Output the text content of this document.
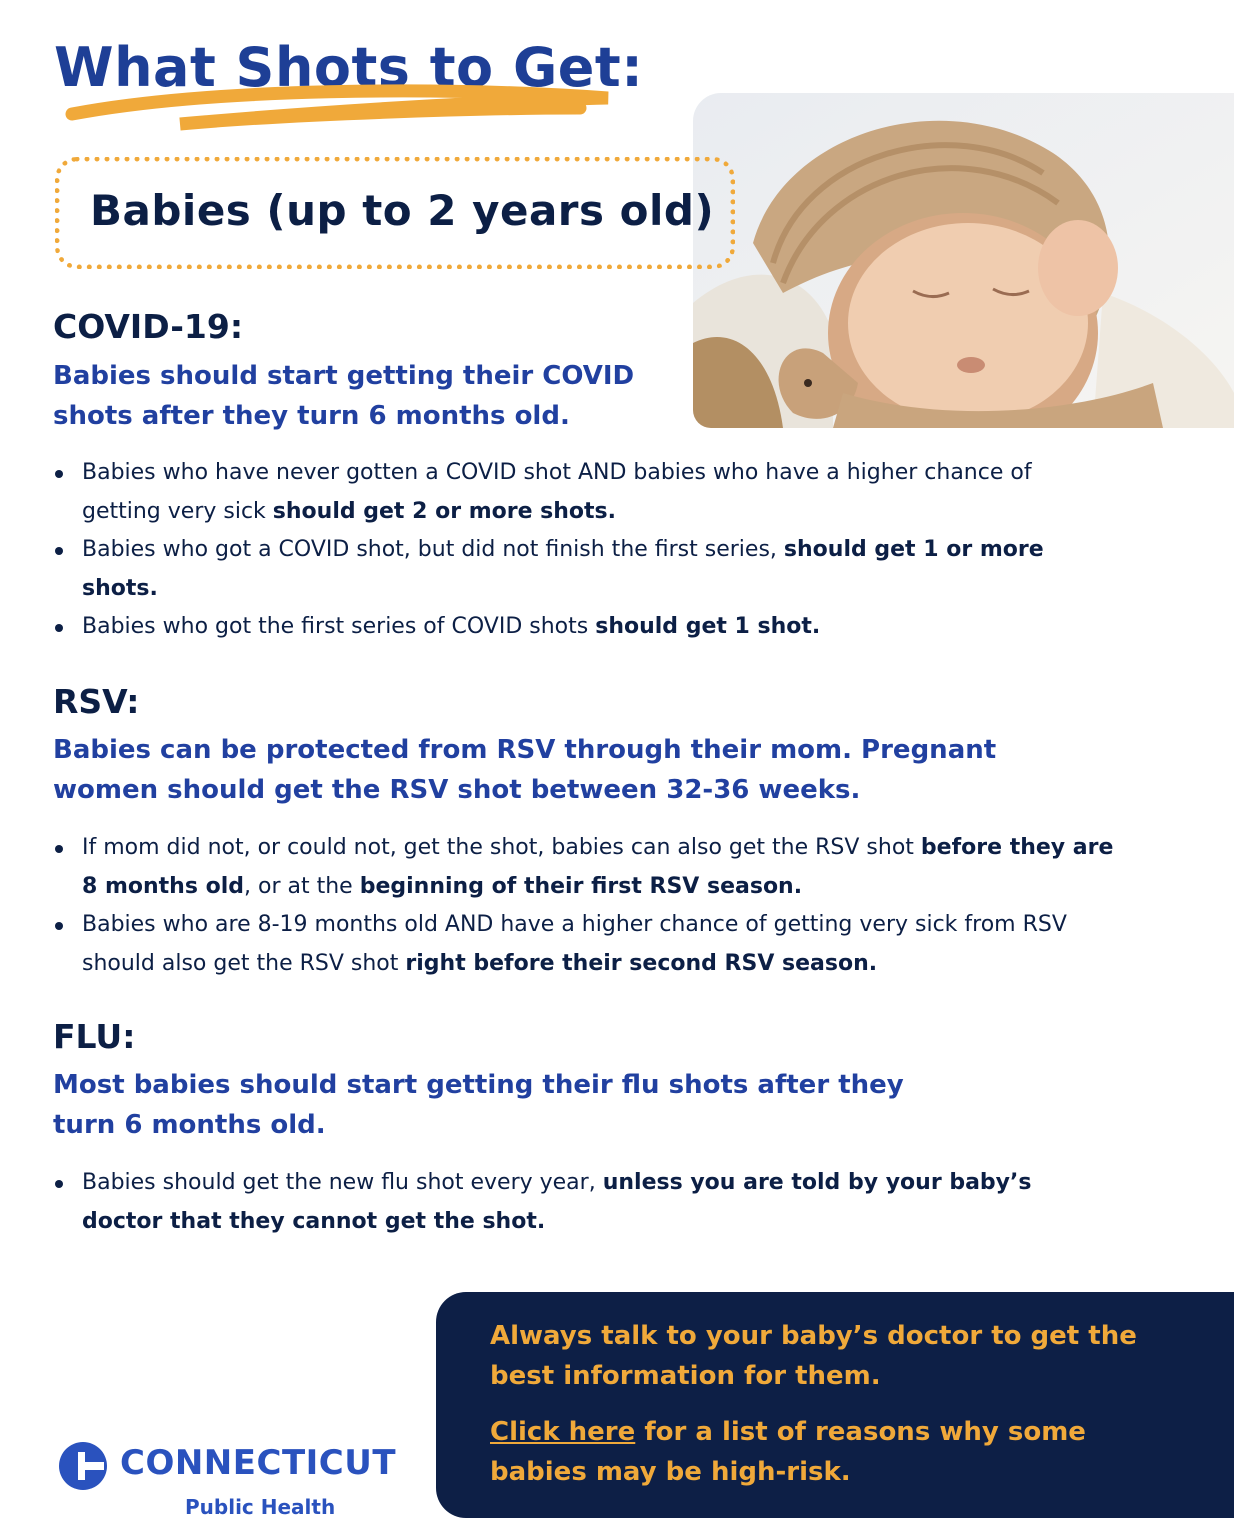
What Shots to Get:
Babies (up to 2 years old)
COVID-19:

Babies should start getting their COVID
shots after they turn 6 months old.

Babies who have never gotten a COVID shot AND babies who have a higher chance of getting very sick should get 2 or more shots.
Babies who got a COVID shot, but did not finish the first series, should get 1 or more shots.
Babies who got the first series of COVID shots should get 1 shot.
RSV:

Babies can be protected from RSV through their mom. Pregnant
women should get the RSV shot between 32-36 weeks.

If mom did not, or could not, get the shot, babies can also get the RSV shot before they are 8 months old, or at the beginning of their first RSV season.
Babies who are 8-19 months old AND have a higher chance of getting very sick from RSV should also get the RSV shot right before their second RSV season.
FLU:

Most babies should start getting their flu shots after they
turn 6 months old.

Babies should get the new flu shot every year, unless you are told by your baby’s doctor that they cannot get the shot.

Always talk to your baby’s doctor to get the
best information for them.

Click here for a list of reasons why some
babies may be high-risk.

CONNECTICUT

Public Health
